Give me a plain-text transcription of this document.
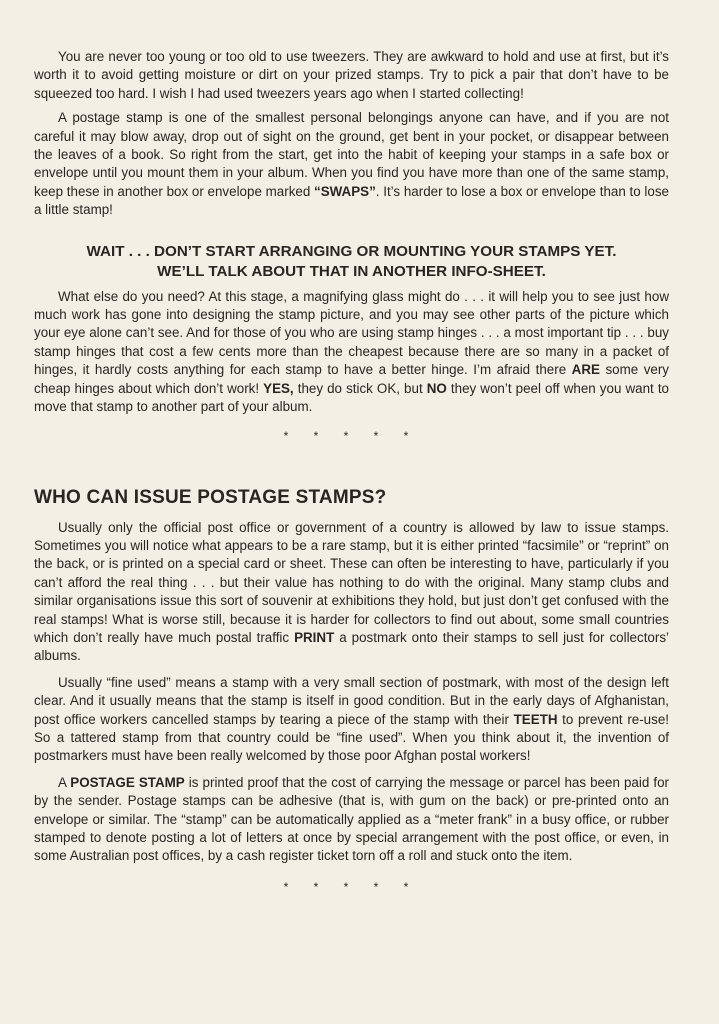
You are never too young or too old to use tweezers. They are awkward to hold and use at first, but it’s worth it to avoid getting moisture or dirt on your prized stamps. Try to pick a pair that don’t have to be squeezed too hard. I wish I had used tweezers years ago when I started collecting!

A postage stamp is one of the smallest personal belongings anyone can have, and if you are not careful it may blow away, drop out of sight on the ground, get bent in your pocket, or disappear between the leaves of a book. So right from the start, get into the habit of keeping your stamps in a safe box or envelope until you mount them in your album. When you find you have more than one of the same stamp, keep these in another box or envelope marked “SWAPS”. It’s harder to lose a box or envelope than to lose a little stamp!

WAIT . . . DON’T START ARRANGING OR MOUNTING YOUR STAMPS YET.
WE’LL TALK ABOUT THAT IN ANOTHER INFO-SHEET.

What else do you need? At this stage, a magnifying glass might do . . . it will help you to see just how much work has gone into designing the stamp picture, and you may see other parts of the picture which your eye alone can’t see. And for those of you who are using stamp hinges . . . a most important tip . . . buy stamp hinges that cost a few cents more than the cheapest because there are so many in a packet of hinges, it hardly costs anything for each stamp to have a better hinge. I’m afraid there ARE some very cheap hinges about which don’t work! YES, they do stick OK, but NO they won’t peel off when you want to move that stamp to another part of your album.

* * * * *
WHO CAN ISSUE POSTAGE STAMPS?

Usually only the official post office or government of a country is allowed by law to issue stamps. Sometimes you will notice what appears to be a rare stamp, but it is either printed “facsimile” or “reprint” on the back, or is printed on a special card or sheet. These can often be interesting to have, particularly if you can’t afford the real thing . . . but their value has nothing to do with the original. Many stamp clubs and similar organisations issue this sort of souvenir at exhibitions they hold, but just don’t get confused with the real stamps! What is worse still, because it is harder for collectors to find out about, some small countries which don’t really have much postal traffic PRINT a postmark onto their stamps to sell just for collectors’ albums.

Usually “fine used” means a stamp with a very small section of postmark, with most of the design left clear. And it usually means that the stamp is itself in good condition. But in the early days of Afghanistan, post office workers cancelled stamps by tearing a piece of the stamp with their TEETH to prevent re-use! So a tattered stamp from that country could be “fine used”. When you think about it, the invention of postmarkers must have been really welcomed by those poor Afghan postal workers!

A POSTAGE STAMP is printed proof that the cost of carrying the message or parcel has been paid for by the sender. Postage stamps can be adhesive (that is, with gum on the back) or pre-printed onto an envelope or similar. The “stamp” can be automatically applied as a “meter frank” in a busy office, or rubber stamped to denote posting a lot of letters at once by special arrangement with the post office, or even, in some Australian post offices, by a cash register ticket torn off a roll and stuck onto the item.

* * * * *
